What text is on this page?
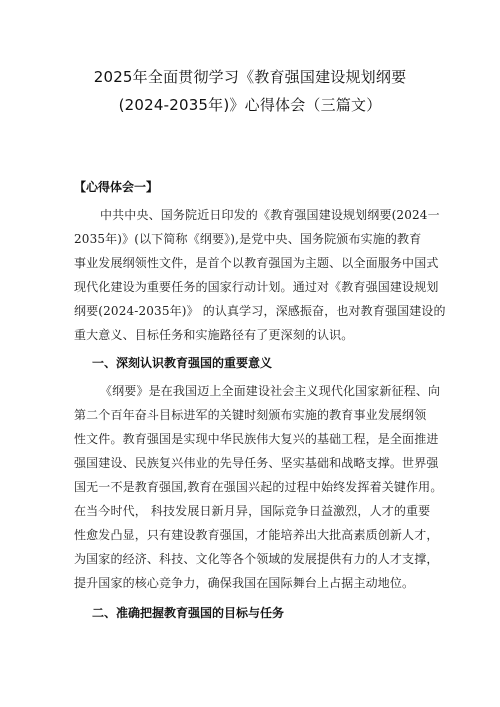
2025年全面贯彻学习《教育强国建设规划纲要
(2024-2035年)》心得体会（三篇文）
【心得体会一】
中共中央、国务院近日印发的《教育强国建设规划纲要(2024一
2035年)》(以下简称《纲要》),是党中央、国务院颁布实施的教育
事业发展纲领性文件，是首个以教育强国为主题、以全面服务中国式
现代化建设为重要任务的国家行动计划。通过对《教育强国建设规划
纲要(2024-2035年)》 的认真学习，深感振奋，也对教育强国建设的
重大意义、目标任务和实施路径有了更深刻的认识。
一、深刻认识教育强国的重要意义
《纲要》是在我国迈上全面建设社会主义现代化国家新征程、向
第二个百年奋斗目标进军的关键时刻颁布实施的教育事业发展纲领
性文件。教育强国是实现中华民族伟大复兴的基础工程，是全面推进
强国建设、民族复兴伟业的先导任务、坚实基础和战略支撑。世界强
国无一不是教育强国,教育在强国兴起的过程中始终发挥着关键作用。
在当今时代， 科技发展日新月异，国际竞争日益激烈，人才的重要
性愈发凸显，只有建设教育强国，才能培养出大批高素质创新人才，
为国家的经济、科技、文化等各个领域的发展提供有力的人才支撑，
提升国家的核心竞争力，确保我国在国际舞台上占据主动地位。
二、准确把握教育强国的目标与任务
